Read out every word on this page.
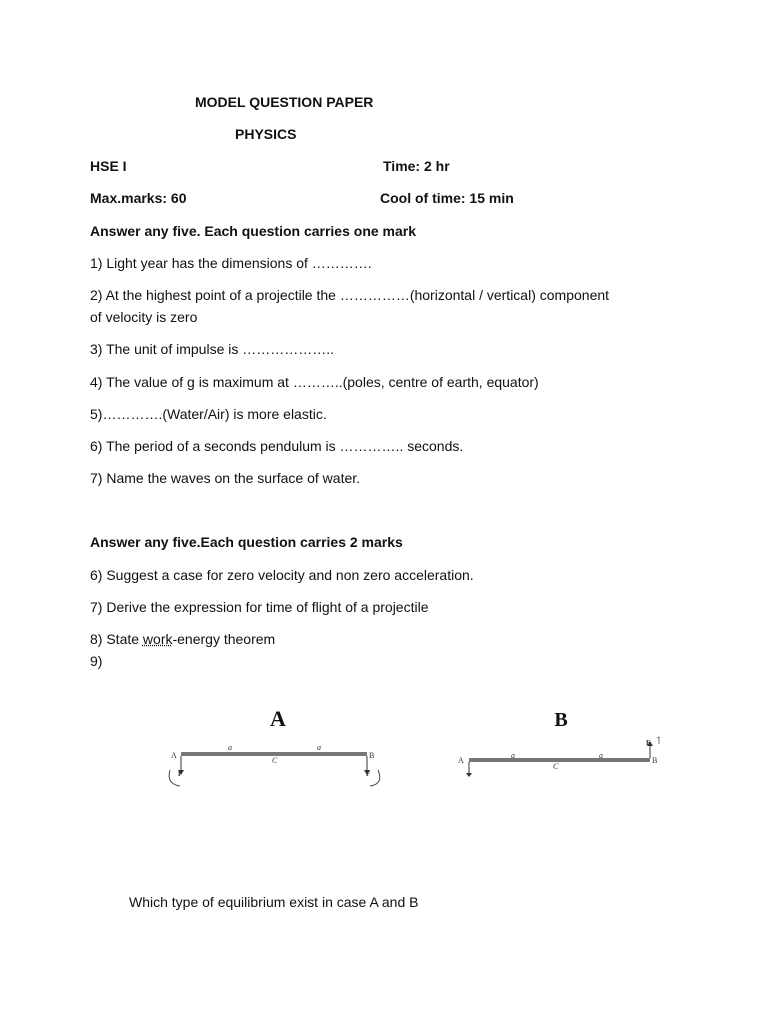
MODEL QUESTION PAPER
PHYSICS
HSE I	Time: 2 hr
Max.marks: 60	Cool of time: 15 min
Answer any five. Each question carries one mark
1) Light year has the dimensions of ………….
2) At the highest point of a projectile the ……………(horizontal / vertical) component
of velocity is zero
3) The unit of impulse is ………………..
4) The value of g is maximum at ………..(poles, centre of earth, equator)
5)………….(Water/Air) is more elastic.
6) The period of a seconds pendulum is ………….. seconds.
7) Name the waves on the surface of water.
Answer any five.Each question carries 2 marks
6) Suggest a case for zero velocity and non zero acceleration.
7) Derive the expression for time of flight of a projectile
8) State work-energy theorem
9)
A
A	B
C
a	a
F	F
B
A	B
C
a	a
F
Which type of equilibrium exist in case A and B
